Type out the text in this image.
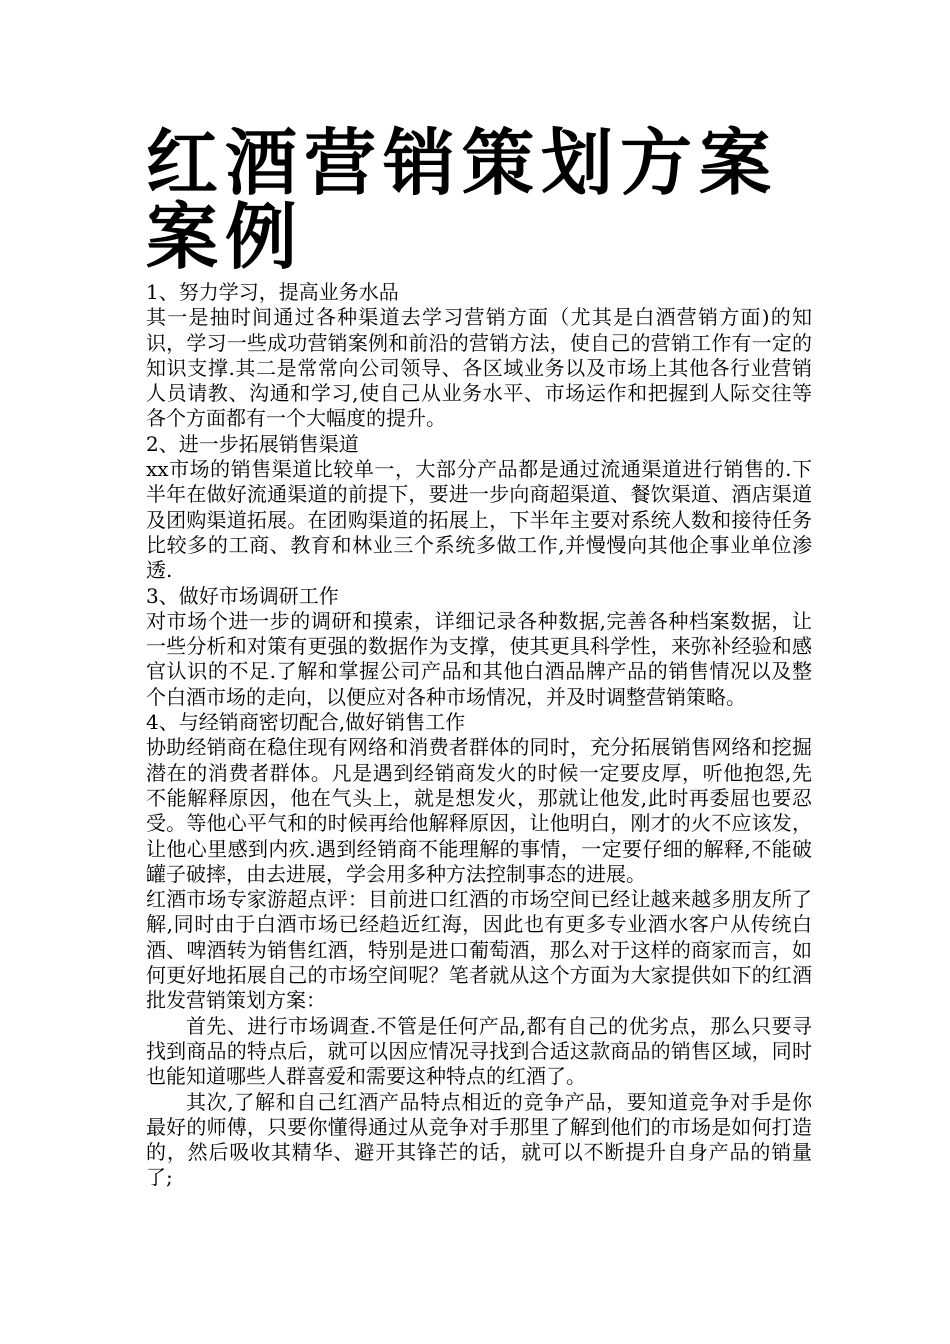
红酒营销策划方案案例

1、努力学习，提高业务水品

其一是抽时间通过各种渠道去学习营销方面（尤其是白酒营销方面)的知识，学习一些成功营销案例和前沿的营销方法，使自己的营销工作有一定的知识支撑.其二是常常向公司领导、各区域业务以及市场上其他各行业营销人员请教、沟通和学习,使自己从业务水平、市场运作和把握到人际交往等各个方面都有一个大幅度的提升。

2、进一步拓展销售渠道

xx市场的销售渠道比较单一，大部分产品都是通过流通渠道进行销售的.下半年在做好流通渠道的前提下，要进一步向商超渠道、餐饮渠道、酒店渠道及团购渠道拓展。在团购渠道的拓展上，下半年主要对系统人数和接待任务比较多的工商、教育和林业三个系统多做工作,并慢慢向其他企事业单位渗透.

3、做好市场调研工作

对市场个进一步的调研和摸索，详细记录各种数据,完善各种档案数据，让一些分析和对策有更强的数据作为支撑，使其更具科学性，来弥补经验和感官认识的不足.了解和掌握公司产品和其他白酒品牌产品的销售情况以及整个白酒市场的走向，以便应对各种市场情况，并及时调整营销策略。

4、与经销商密切配合,做好销售工作

协助经销商在稳住现有网络和消费者群体的同时，充分拓展销售网络和挖掘潜在的消费者群体。凡是遇到经销商发火的时候一定要皮厚，听他抱怨,先不能解释原因，他在气头上，就是想发火，那就让他发,此时再委屈也要忍受。等他心平气和的时候再给他解释原因，让他明白，刚才的火不应该发，让他心里感到内疚.遇到经销商不能理解的事情，一定要仔细的解释,不能破罐子破摔，由去进展，学会用多种方法控制事态的进展。

红酒市场专家游超点评：目前进口红酒的市场空间已经让越来越多朋友所了解,同时由于白酒市场已经趋近红海，因此也有更多专业酒水客户从传统白酒、啤酒转为销售红酒，特别是进口葡萄酒，那么对于这样的商家而言，如何更好地拓展自己的市场空间呢？笔者就从这个方面为大家提供如下的红酒批发营销策划方案：

首先、进行市场调查.不管是任何产品,都有自己的优劣点，那么只要寻找到商品的特点后，就可以因应情况寻找到合适这款商品的销售区域，同时也能知道哪些人群喜爱和需要这种特点的红酒了。

其次,了解和自己红酒产品特点相近的竞争产品，要知道竞争对手是你最好的师傅，只要你懂得通过从竞争对手那里了解到他们的市场是如何打造的，然后吸收其精华、避开其锋芒的话，就可以不断提升自身产品的销量了;
